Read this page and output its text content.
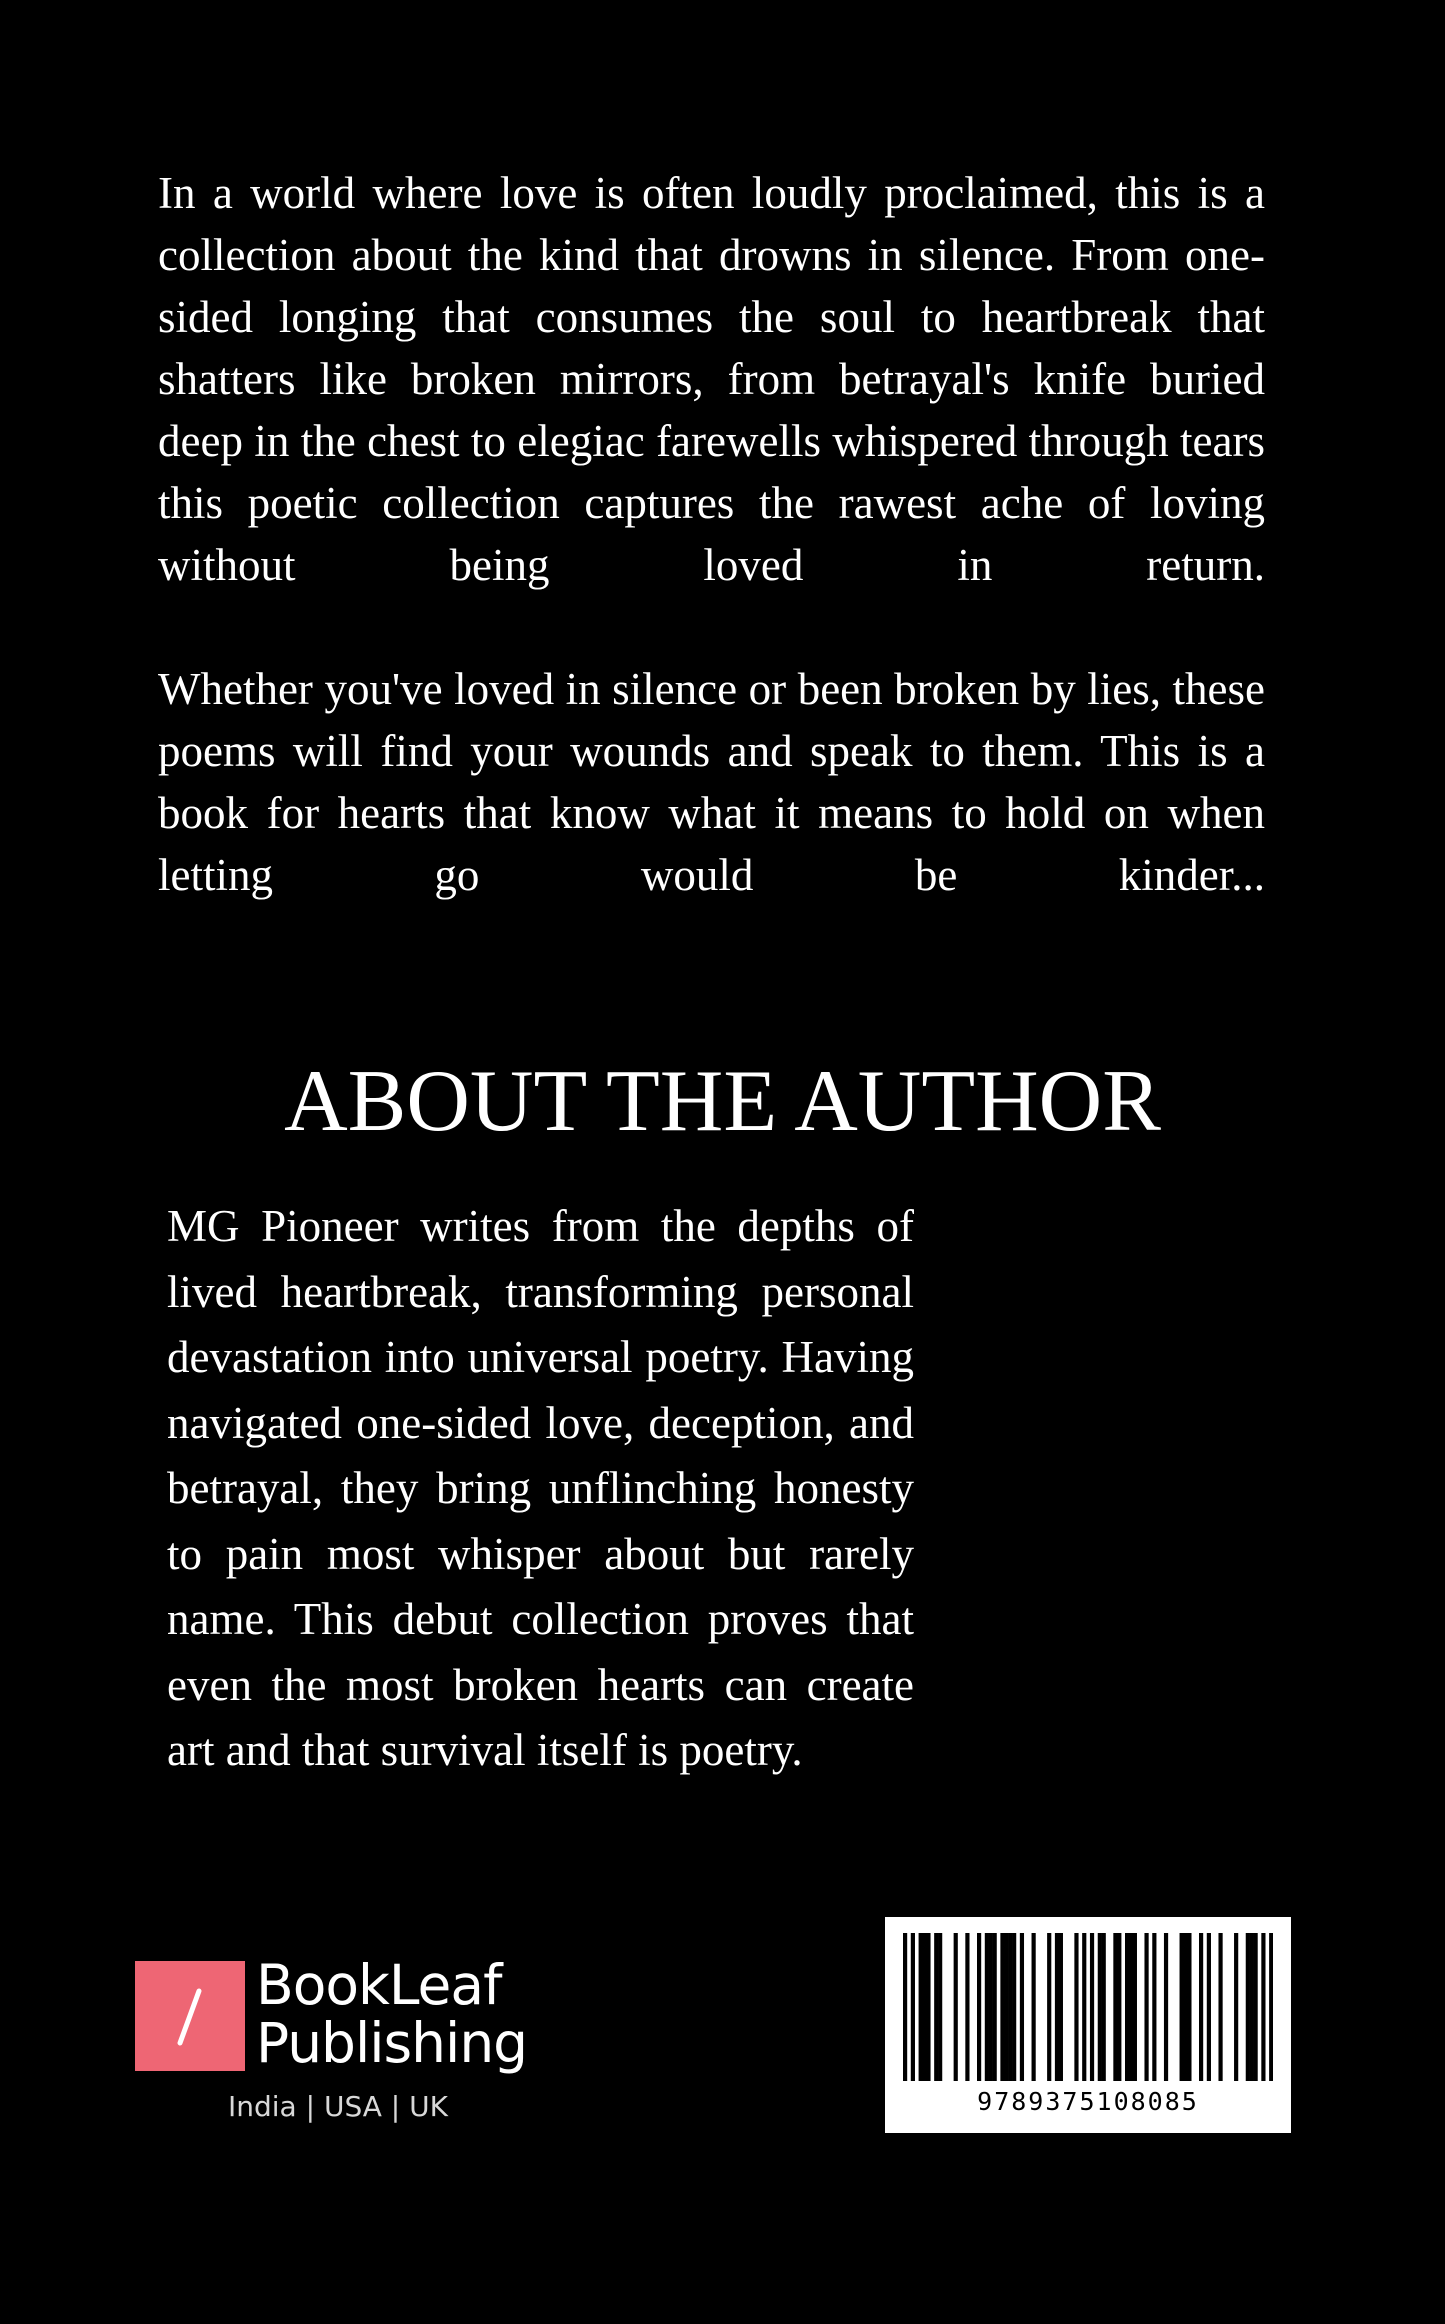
In a world where love is often loudly proclaimed, this is a collection about the kind that drowns in silence. From one-sided longing that consumes the soul to heartbreak that shatters like broken mirrors, from betrayal's knife buried deep in the chest to elegiac farewells whispered through tears this poetic collection captures the rawest ache of loving without being loved in return.

Whether you've loved in silence or been broken by lies, these poems will find your wounds and speak to them. This is a book for hearts that know what it means to hold on when letting go would be kinder...

ABOUT THE AUTHOR

MG Pioneer writes from the depths of lived heartbreak, transforming personal devastation into universal poetry. Having navigated one-sided love, deception, and betrayal, they bring unflinching honesty to pain most whisper about but rarely name. This debut collection proves that even the most broken hearts can create art and that survival itself is poetry.

BookLeaf
Publishing
India | USA | UK	9789375108085
